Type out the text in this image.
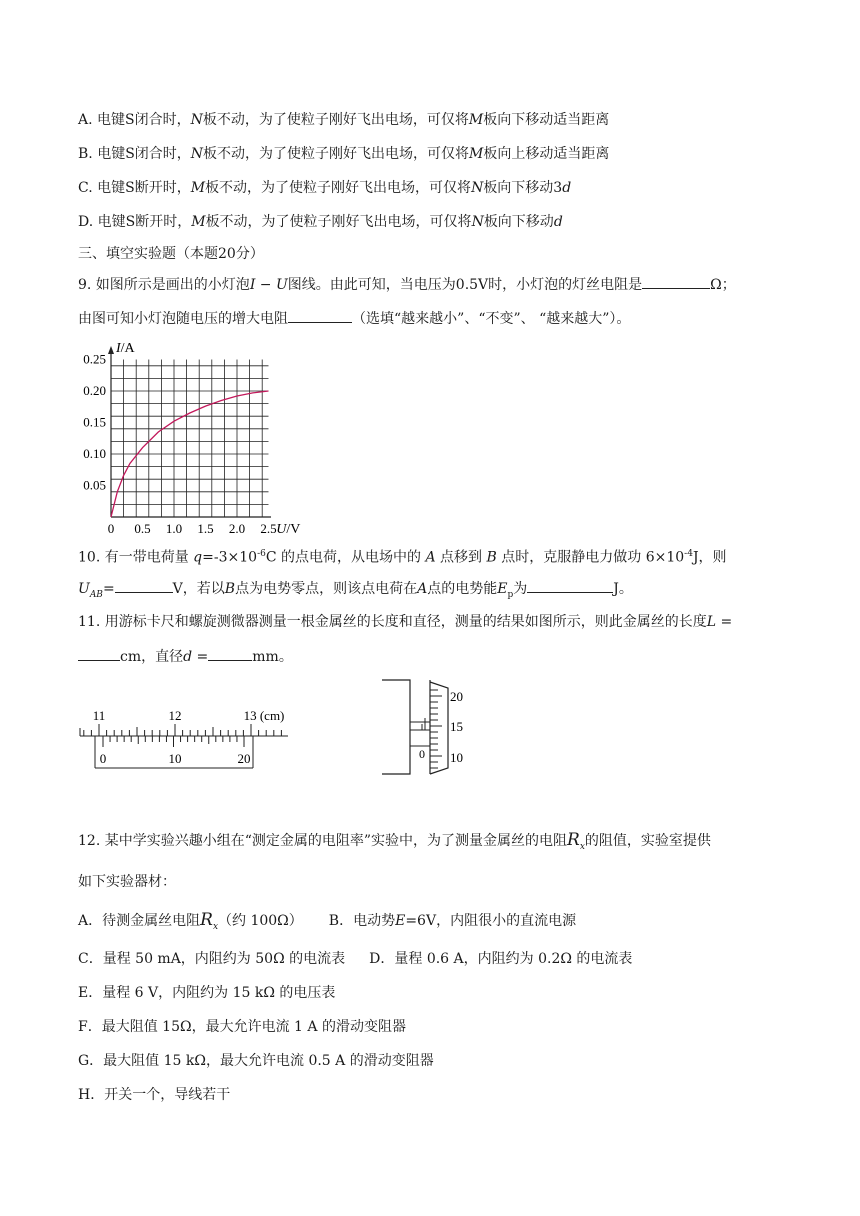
A. 电键S闭合时，N板不动，为了使粒子刚好飞出电场，可仅将M板向下移动适当距离
B. 电键S闭合时，N板不动，为了使粒子刚好飞出电场，可仅将M板向上移动适当距离
C. 电键S断开时，M板不动，为了使粒子刚好飞出电场，可仅将N板向下移动3d
D. 电键S断开时，M板不动，为了使粒子刚好飞出电场，可仅将N板向下移动d
三、填空实验题（本题20分）
9. 如图所示是画出的小灯泡I − U图线。由此可知，当电压为0.5V时，小灯泡的灯丝电阻是	Ω；
由图可知小灯泡随电压的增大电阻	（选填“越来越小”、“不变”、 “越来越大”）。
0.05
0.10
0.15
0.20
0.25
0.5 1.0 1.5 2.0 2.5
0
I/A
U/V
10. 有一带电荷量 $q=-3\times 10^{-6}C$ 的点电荷，从电场中的 A 点移到 B 点时，克服静电力做功 $6\times 10^{-4}J$，则
$U_{AB}=$	V，若以B点为电势零点，则该点电荷在A点的电势能$E_p$为	J。
11. 用游标卡尺和螺旋测微器测量一根金属丝的长度和直径，测量的结果如图所示，则此金属丝的长度L =
cm，直径d =	mm。
11	12	13 (cm)
0	10	20	0
20
15
10
12. 某中学实验兴趣小组在“测定金属的电阻率”实验中，为了测量金属丝的电阻$R_x$的阻值，实验室提供
如下实验器材：
A．待测金属丝电阻$R_x$（约 100Ω） B．电动势E=6V，内阻很小的直流电源
C．量程 50 mA，内阻约为 50Ω 的电流表 D．量程 0.6 A，内阻约为 0.2Ω 的电流表
E．量程 6 V，内阻约为 15 kΩ 的电压表
F．最大阻值 15Ω，最大允许电流 1 A 的滑动变阻器
G．最大阻值 15 kΩ，最大允许电流 0.5 A 的滑动变阻器
H．开关一个，导线若干
